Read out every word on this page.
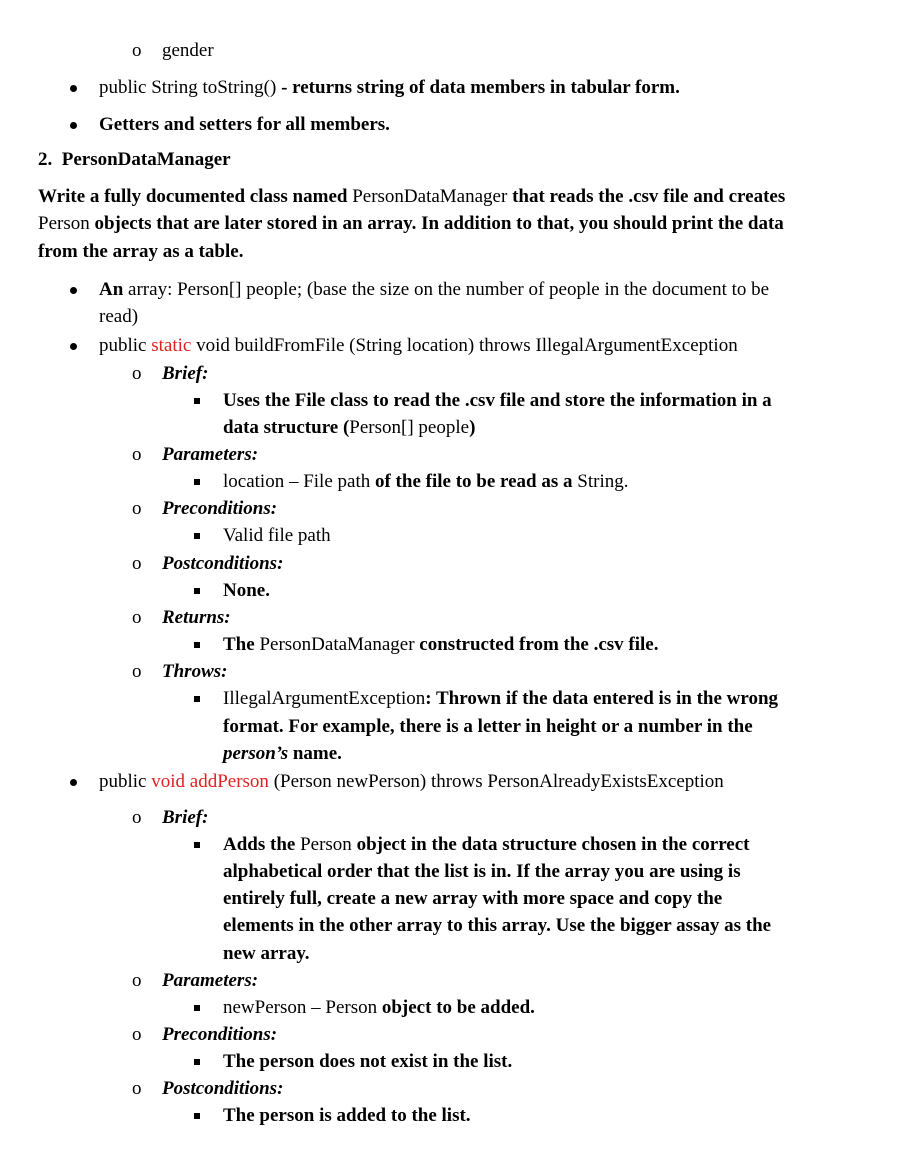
o gender
public String toString() - returns string of data members in tabular form.
Getters and setters for all members.
2.  PersonDataManager
Write a fully documented class named PersonDataManager that reads the .csv file and creates
Person objects that are later stored in an array. In addition to that, you should print the data
from the array as a table.
An array: Person[] people; (base the size on the number of people in the document to be
read)
public static void buildFromFile (String location) throws IllegalArgumentException
o Brief:
Uses the File class to read the .csv file and store the information in a
data structure (Person[] people)
o Parameters:
location – File path of the file to be read as a String.
o Preconditions:
Valid file path
o Postconditions:
None.
o Returns:
The PersonDataManager constructed from the .csv file.
o Throws:
IllegalArgumentException: Thrown if the data entered is in the wrong
format. For example, there is a letter in height or a number in the
person’s name.
public void addPerson (Person newPerson) throws PersonAlreadyExistsException
o Brief:
Adds the Person object in the data structure chosen in the correct
alphabetical order that the list is in. If the array you are using is
entirely full, create a new array with more space and copy the
elements in the other array to this array. Use the bigger assay as the
new array.
o Parameters:
newPerson – Person object to be added.
o Preconditions:
The person does not exist in the list.
o Postconditions:
The person is added to the list.
